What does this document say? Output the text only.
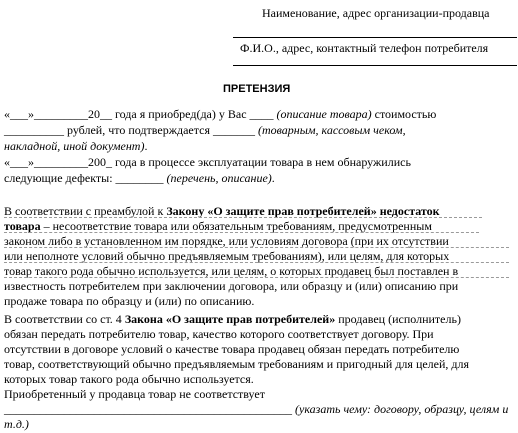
Наименование, адрес организации-продавца
Ф.И.О., адрес, контактный телефон потребителя
ПРЕТЕНЗИЯ
«___»_________20__ года я приобред(да) у Вас ____ (описание товара) стоимостью
__________ рублей, что подтверждается _______ (товарным, кассовым чеком,
накладной, иной документ).
«___»_________200_ года в процессе эксплуатации товара в нем обнаружились
следующие дефекты: ________ (перечень, описание).
В соответствии с преамбулой к Закону «О защите прав потребителей» недостаток
товара – несоответствие товара или обязательным требованиям, предусмотренным
законом либо в установленном им порядке, или условиям договора (при их отсутствии
или неполноте условий обычно предъявляемым требованиям), или целям, для которых
товар такого рода обычно используется, или целям, о которых продавец был поставлен в
известность потребителем при заключении договора, или образцу и (или) описанию при
продаже товара по образцу и (или) по описанию.
В соответствии со ст. 4 Закона «О защите прав потребителей» продавец (исполнитель)
обязан передать потребителю товар, качество которого соответствует договору. При
отсутствии в договоре условий о качестве товара продавец обязан передать потребителю
товар, соответствующий обычно предъявляемым требованиям и пригодный для целей, для
которых товар такого рода обычно используется.
Приобретенный у продавца товар не соответствует
________________________________________________ (указать чему: договору, образцу, целям и
т.д.)
